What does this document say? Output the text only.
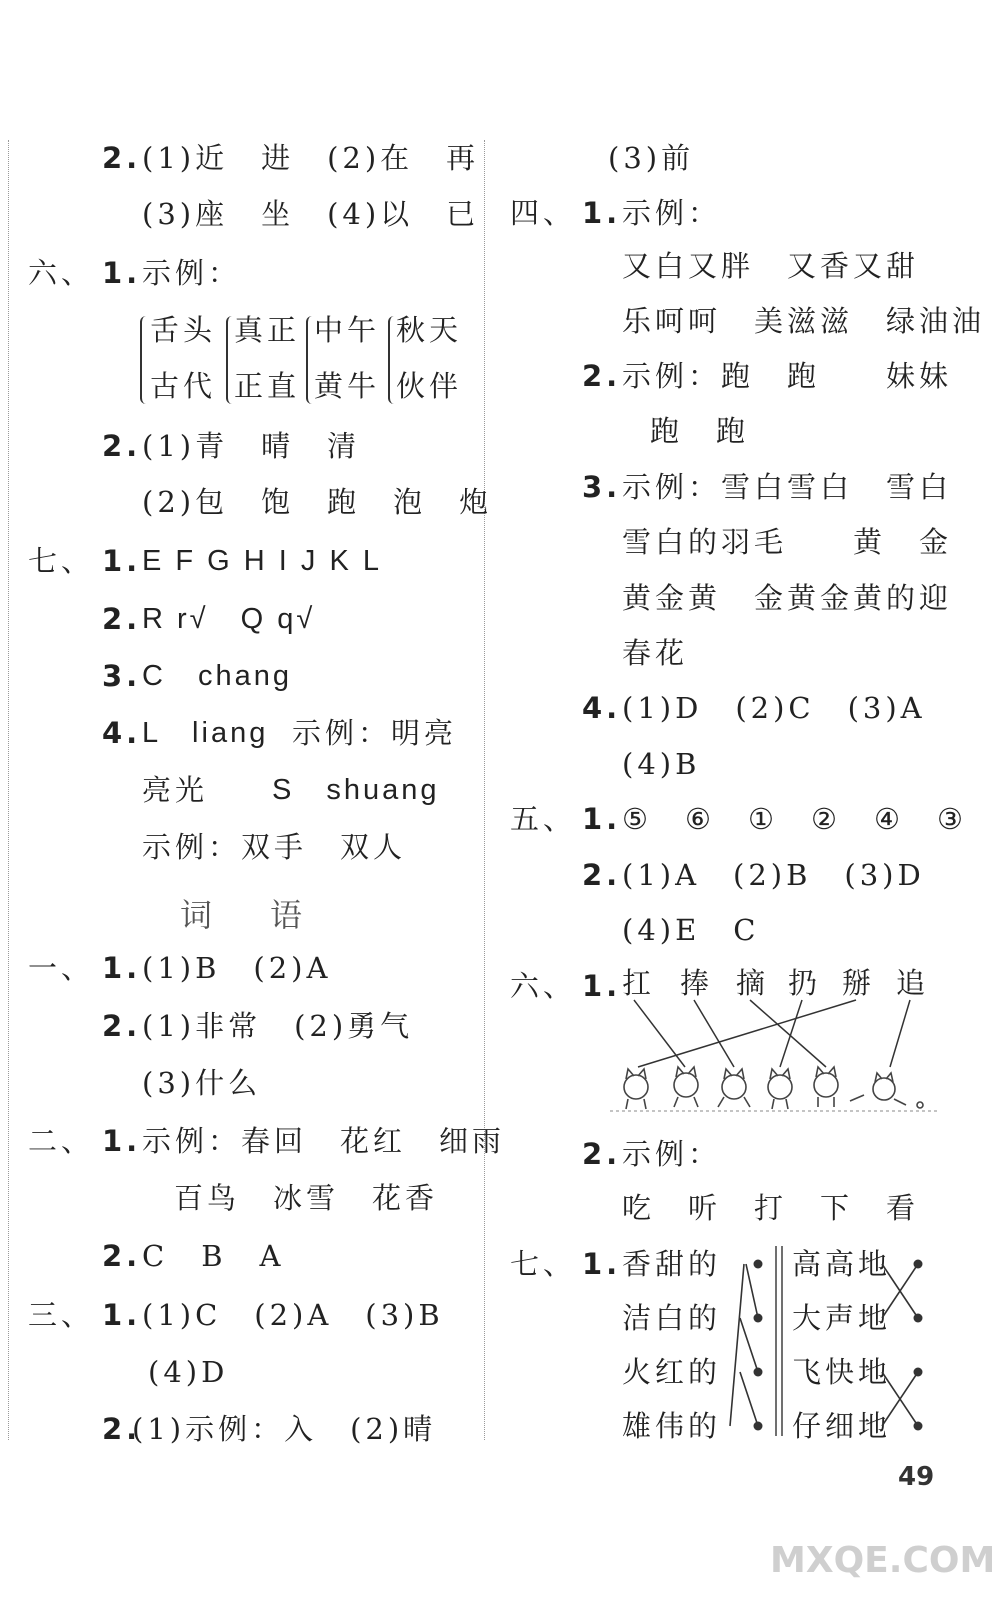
2. (1)近　进　(2)在　再
(3)座　坐　(4)以　已
六、 1. 示例：
舌头
古代
真正
正直
中午
黄牛
秋天
伙伴
2. (1)青　晴　清
(2)包　饱　跑　泡　炮
七、 1. E F G H I J K L
2. R r√　Q q√
3. C　chang
4. L　liang 示例：明亮
亮光 S　shuang
示例：双手　双人
词语
一、 1. (1)B　(2)A
2. (1)非常　(2)勇气
(3)什么
二、 1. 示例：春回　花红　细雨
百鸟　冰雪　花香
2. C　B　A
三、 1. (1)C　(2)A　(3)B
(4)D
2.
(1)示例：入　(2)晴
(3)前
四、 1. 示例：
又白又胖　又香又甜
乐呵呵　美滋滋　绿油油
2. 示例：跑　跑　　妹妹
跑　跑
3. 示例：雪白雪白　雪白
雪白的羽毛　　黄　金
黄金黄　金黄金黄的迎
春花
4. (1)D　(2)C　(3)A
(4)B
五、 1. ⑤　⑥　①　②　④　③
2. (1)A　(2)B　(3)D
(4)E　C
六、 1. 扛 捧 摘 扔 掰 追
2. 示例：
吃　听　打　下　看
七、 1. 香甜的
洁白的
火红的
雄伟的
高高地
大声地
飞快地
仔细地
49
MXQE.COM
